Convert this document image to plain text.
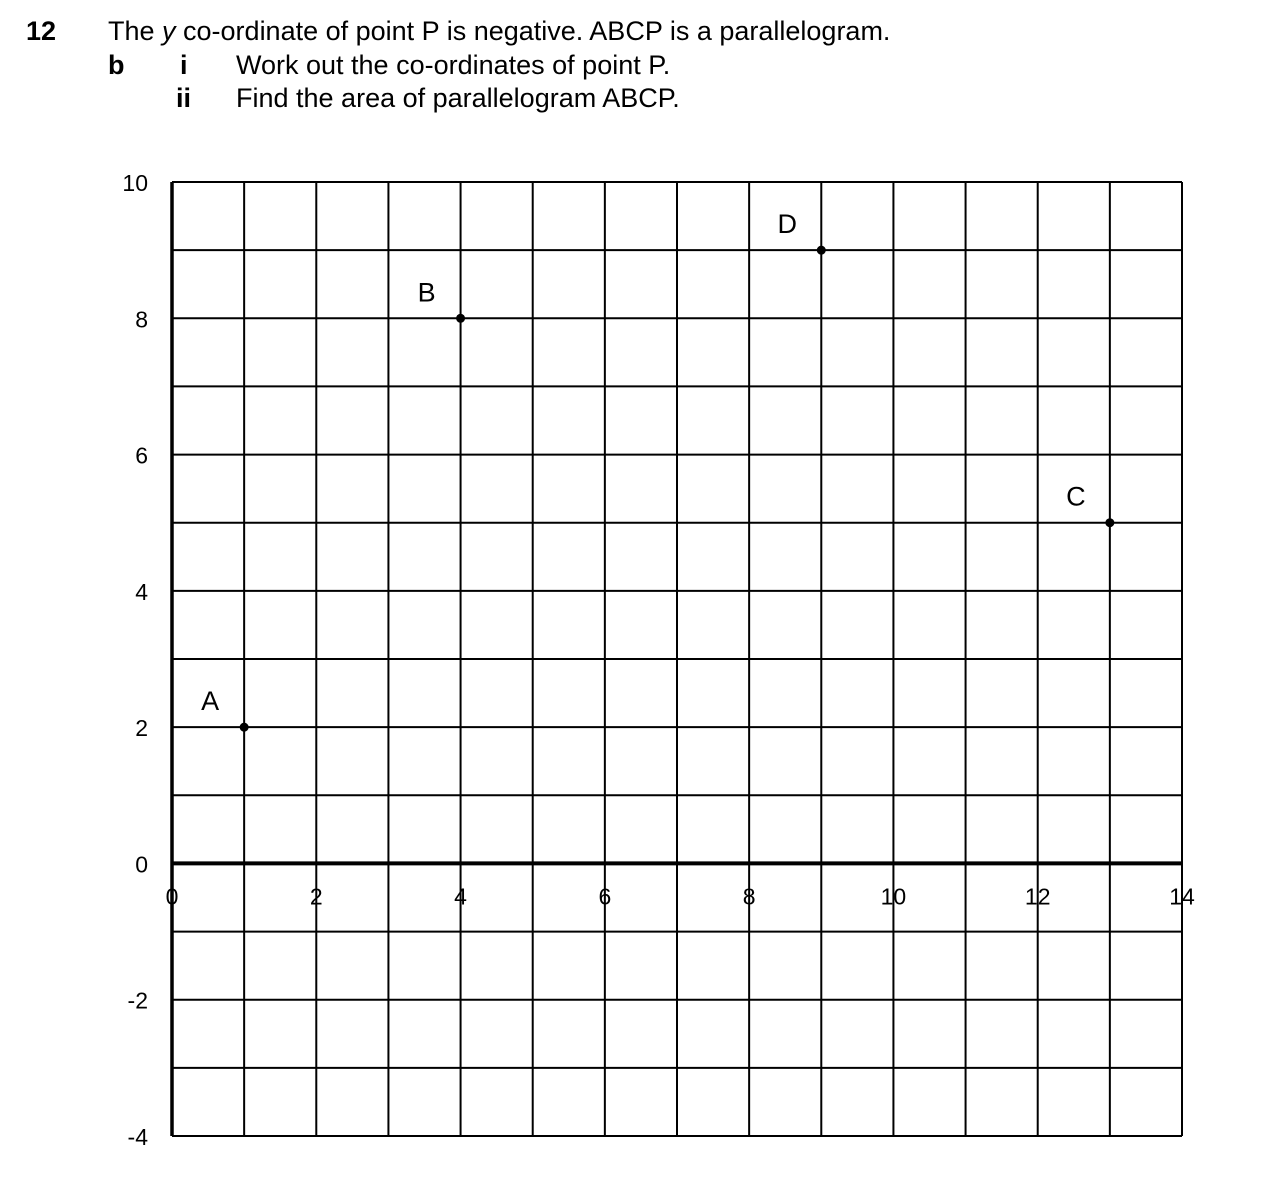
12 The y co-ordinate of point P is negative. ABCP is a parallelogram.
b i Work out the co-ordinates of point P.
ii Find the area of parallelogram ABCP.
0	2	4	6	8	10	12	14
10
8
6
4
2
0
-2
-4
A
B
D
C
